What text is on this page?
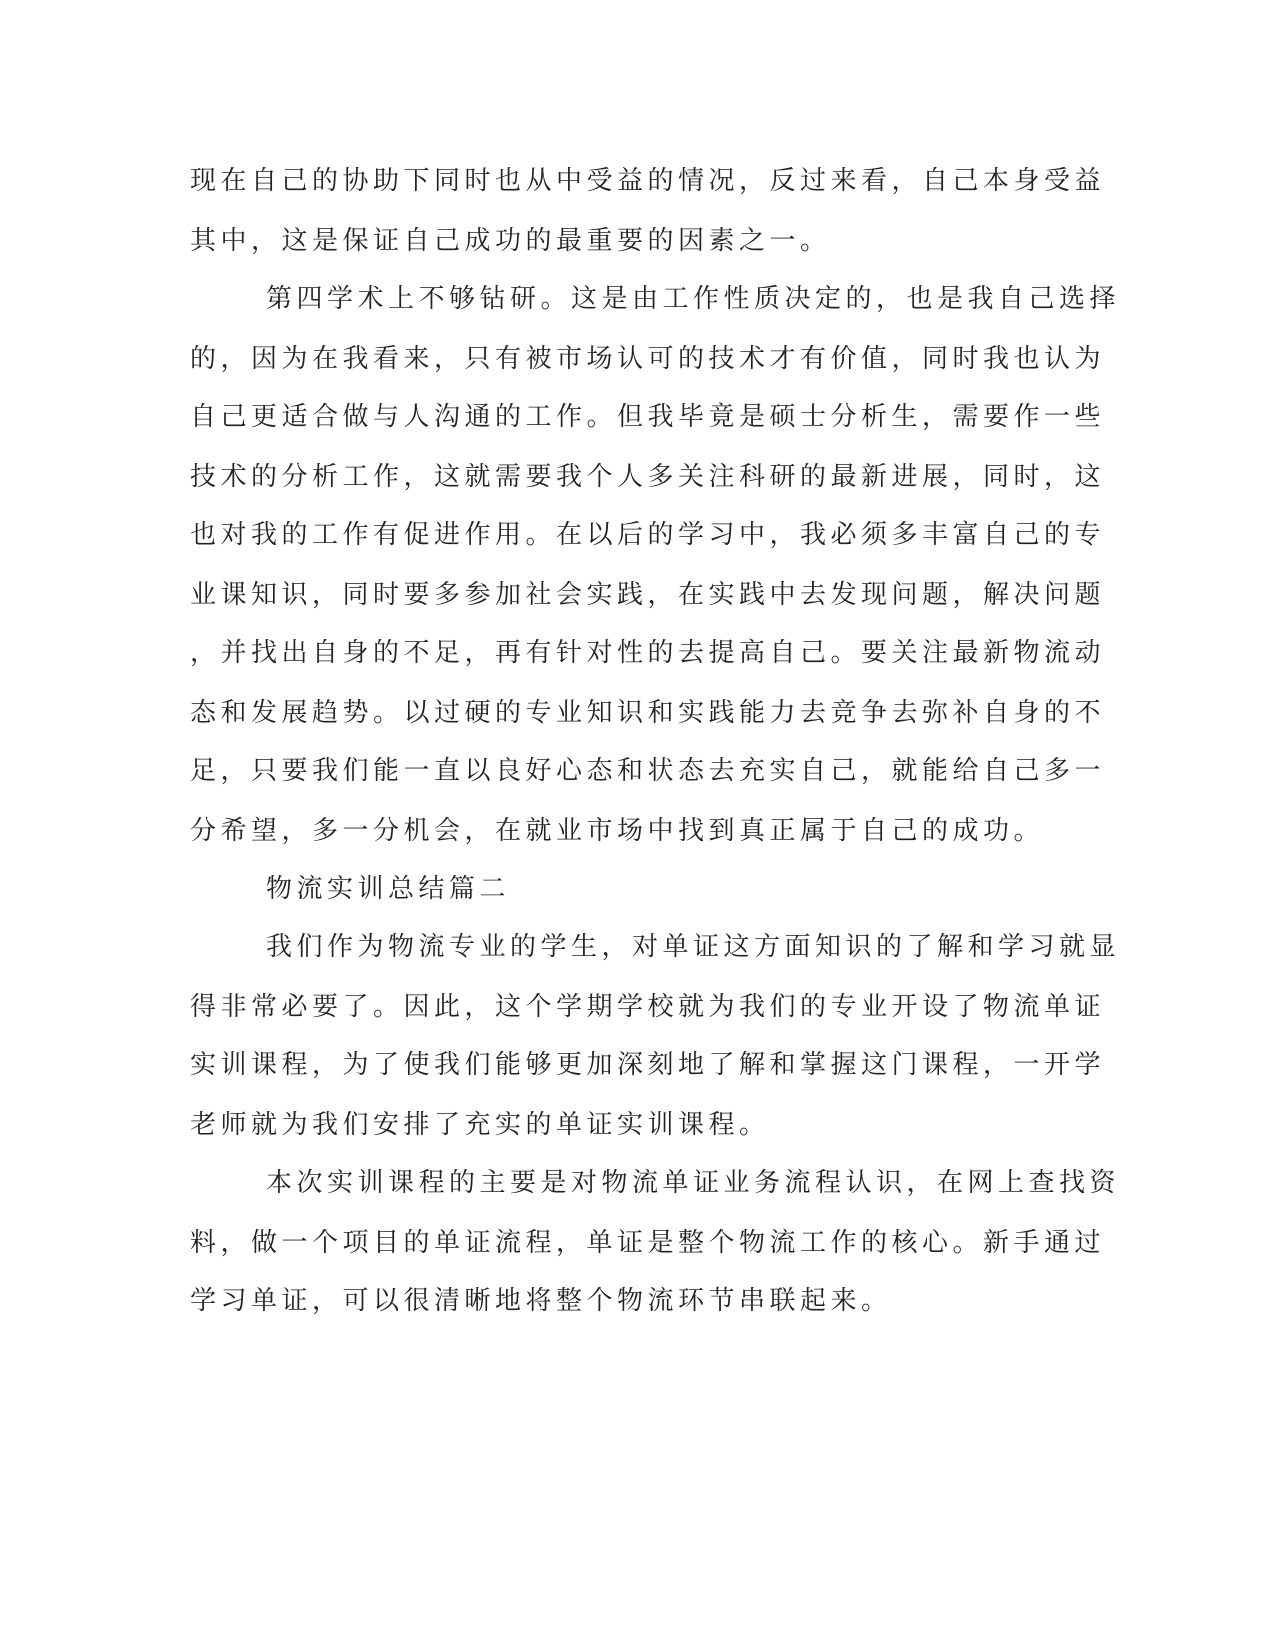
现在自己的协助下同时也从中受益的情况，反过来看，自己本身受益
其中，这是保证自己成功的最重要的因素之一。
第四学术上不够钻研。这是由工作性质决定的，也是我自己选择
的，因为在我看来，只有被市场认可的技术才有价值，同时我也认为
自己更适合做与人沟通的工作。但我毕竟是硕士分析生，需要作一些
技术的分析工作，这就需要我个人多关注科研的最新进展，同时，这
也对我的工作有促进作用。在以后的学习中，我必须多丰富自己的专
业课知识，同时要多参加社会实践，在实践中去发现问题，解决问题
，并找出自身的不足，再有针对性的去提高自己。要关注最新物流动
态和发展趋势。以过硬的专业知识和实践能力去竞争去弥补自身的不
足，只要我们能一直以良好心态和状态去充实自己，就能给自己多一
分希望，多一分机会，在就业市场中找到真正属于自己的成功。
物流实训总结篇二
我们作为物流专业的学生，对单证这方面知识的了解和学习就显
得非常必要了。因此，这个学期学校就为我们的专业开设了物流单证
实训课程，为了使我们能够更加深刻地了解和掌握这门课程，一开学
老师就为我们安排了充实的单证实训课程。
本次实训课程的主要是对物流单证业务流程认识，在网上查找资
料，做一个项目的单证流程，单证是整个物流工作的核心。新手通过
学习单证，可以很清晰地将整个物流环节串联起来。
